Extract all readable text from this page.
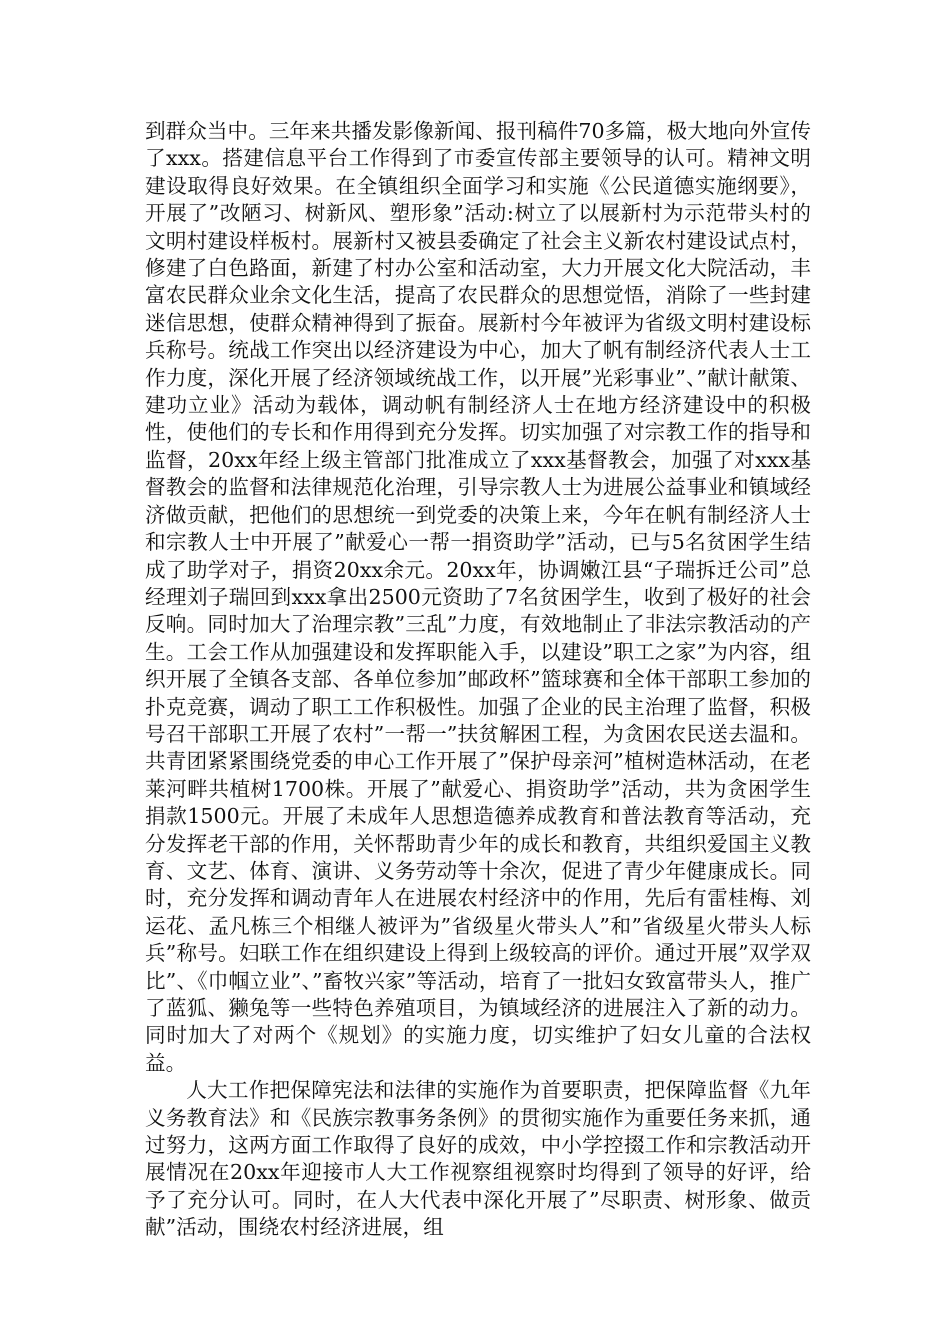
到群众当中。三年来共播发影像新闻、报刊稿件70多篇，极大地向外宣传了xxx。搭建信息平台工作得到了市委宣传部主要领导的认可。精神文明建设取得良好效果。在全镇组织全面学习和实施《公民道德实施纲要》，开展了”改陋习、树新风、塑形象”活动:树立了以展新村为示范带头村的文明村建设样板村。展新村又被县委确定了社会主义新农村建设试点村，修建了白色路面，新建了村办公室和活动室，大力开展文化大院活动，丰富农民群众业余文化生活，提高了农民群众的思想觉悟，消除了一些封建迷信思想，使群众精神得到了振奋。展新村今年被评为省级文明村建设标兵称号。统战工作突出以经济建设为中心，加大了帆有制经济代表人士工作力度，深化开展了经济领域统战工作，以开展”光彩事业”、”献计献策、建功立业》活动为载体，调动帆有制经济人士在地方经济建设中的积极性，使他们的专长和作用得到充分发挥。切实加强了对宗教工作的指导和监督，20xx年经上级主管部门批准成立了xxx基督教会，加强了对xxx基督教会的监督和法律规范化治理，引导宗教人士为进展公益事业和镇域经济做贡献，把他们的思想统一到党委的决策上来，今年在帆有制经济人士和宗教人士中开展了”献爱心一帮一捐资助学”活动，已与5名贫困学生结成了助学对子，捐资20xx余元。20xx年，协调嫩江县“子瑞拆迁公司”总经理刘子瑞回到xxx拿出2500元资助了7名贫困学生，收到了极好的社会反响。同时加大了治理宗教”三乱”力度，有效地制止了非法宗教活动的产生。工会工作从加强建设和发挥职能入手，以建设”职工之家”为内容，组织开展了全镇各支部、各单位参加”邮政杯”篮球赛和全体干部职工参加的扑克竞赛，调动了职工工作积极性。加强了企业的民主治理了监督，积极号召干部职工开展了农村”一帮一”扶贫解困工程，为贪困农民送去温和。共青团紧紧围绕党委的申心工作开展了”保护母亲河”植树造林活动，在老莱河畔共植树1700株。开展了”献爱心、捐资助学”活动，共为贪困学生捐款1500元。开展了未成年人思想造德养成教育和普法教育等活动，充分发挥老干部的作用，关怀帮助青少年的成长和教育，共组织爱国主义教育、文艺、体育、演讲、义务劳动等十余次，促进了青少年健康成长。同时，充分发挥和调动青年人在进展农村经济中的作用，先后有雷桂梅、刘运花、孟凡栋三个相继人被评为”省级星火带头人”和”省级星火带头人标兵”称号。妇联工作在组织建设上得到上级较高的评价。通过开展”双学双比”、《巾帼立业”、”畜牧兴家”等活动，培育了一批妇女致富带头人，推广了蓝狐、獭兔等一些特色养殖项目，为镇域经济的进展注入了新的动力。同时加大了对两个《规划》的实施力度，切实维护了妇女儿童的合法权益。

人大工作把保障宪法和法律的实施作为首要职责，把保障监督《九年义务教育法》和《民族宗教事务条例》的贯彻实施作为重要任务来抓，通过努力，这两方面工作取得了良好的成效，中小学控掇工作和宗教活动开展情况在20xx年迎接市人大工作视察组视察时均得到了领导的好评，给予了充分认可。同时，在人大代表中深化开展了”尽职责、树形象、做贡献”活动，围绕农村经济进展，组
